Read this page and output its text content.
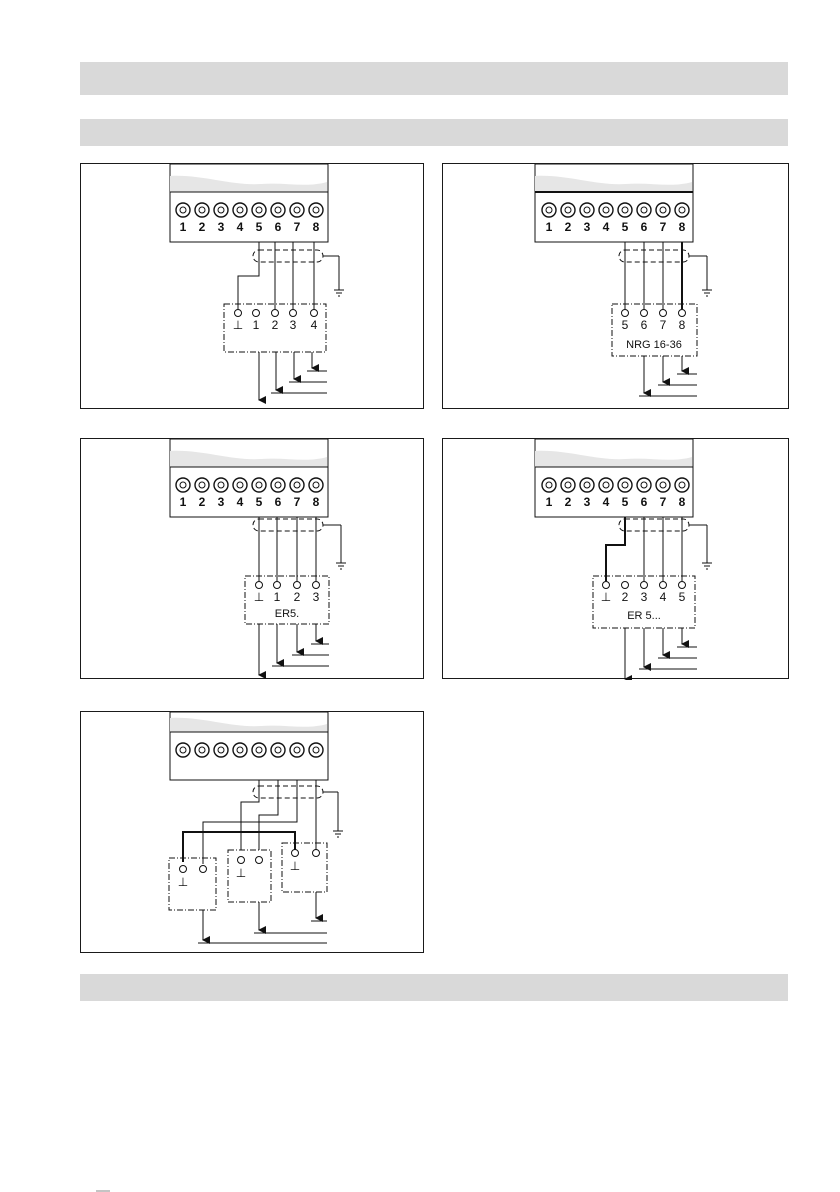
1 2 3 4 5 6 7 8
⊥ 1 2 3 4
1 2 3 4 5 6 7 8
5 6 7 8
NRG 16-36
1 2 3 4 5 6 7 8
⊥ 1 2 3
ER5.
1 2 3 4 5 6 7 8
⊥ 2 3 4 5
ER 5...
⊥
⊥	⊥
